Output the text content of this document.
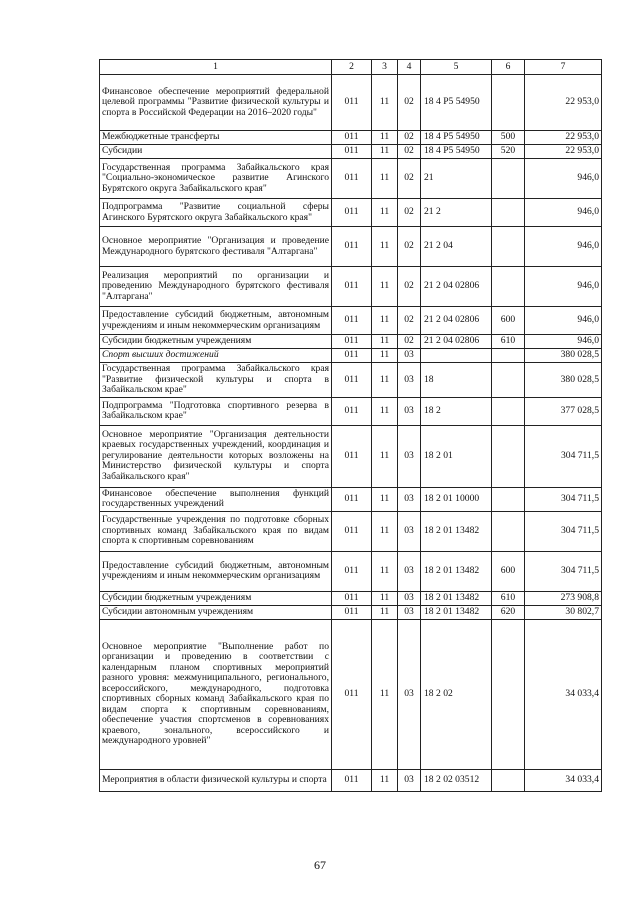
1	2	3	4	5	6	7
Финансовое обеспечение мероприятий федеральной целевой программы "Развитие физической культуры и спорта в Российской Федерации на 2016–2020 годы"	011	11	02	18 4 P5 54950		22 953,0
Межбюджетные трансферты	011	11	02	18 4 P5 54950	500	22 953,0
Субсидии	011	11	02	18 4 P5 54950	520	22 953,0
Государственная программа Забайкальского края "Социально-экономическое развитие Агинского Бурятского округа Забайкальского края"	011	11	02	21		946,0
Подпрограмма "Развитие социальной сферы Агинского Бурятского округа Забайкальского края"	011	11	02	21 2		946,0
Основное мероприятие "Организация и проведение Международного бурятского фестиваля "Алтаргана"	011	11	02	21 2 04		946,0
Реализация мероприятий по организации и проведению Международного бурятского фестиваля "Алтаргана"	011	11	02	21 2 04 02806		946,0
Предоставление субсидий бюджетным, автономным учреждениям и иным некоммерческим организациям	011	11	02	21 2 04 02806	600	946,0
Субсидии бюджетным учреждениям	011	11	02	21 2 04 02806	610	946,0
Спорт высших достижений	011	11	03			380 028,5
Государственная программа Забайкальского края "Развитие физической культуры и спорта в Забайкальском крае"	011	11	03	18		380 028,5
Подпрограмма "Подготовка спортивного резерва в Забайкальском крае"	011	11	03	18 2		377 028,5
Основное мероприятие "Организация деятельности краевых государственных учреждений, координация и регулирование деятельности которых возложены на Министерство физической культуры и спорта Забайкальского края"	011	11	03	18 2 01		304 711,5
Финансовое обеспечение выполнения функций государственных учреждений	011	11	03	18 2 01 10000		304 711,5
Государственные учреждения по подготовке сборных спортивных команд Забайкальского края по видам спорта к спортивным соревнованиям	011	11	03	18 2 01 13482		304 711,5
Предоставление субсидий бюджетным, автономным учреждениям и иным некоммерческим организациям	011	11	03	18 2 01 13482	600	304 711,5
Субсидии бюджетным учреждениям	011	11	03	18 2 01 13482	610	273 908,8
Субсидии автономным учреждениям	011	11	03	18 2 01 13482	620	30 802,7
Основное мероприятие "Выполнение работ по организации и проведению в соответствии с календарным планом спортивных мероприятий разного уровня: межмуниципального, регионального, всероссийского, международного, подготовка спортивных сборных команд Забайкальского края по видам спорта к спортивным соревнованиям, обеспечение участия спортсменов в соревнованиях краевого, зонального, всероссийского и международного уровней"	011	11	03	18 2 02		34 033,4
Мероприятия в области физической культуры и спорта	011	11	03	18 2 02 03512		34 033,4
67
